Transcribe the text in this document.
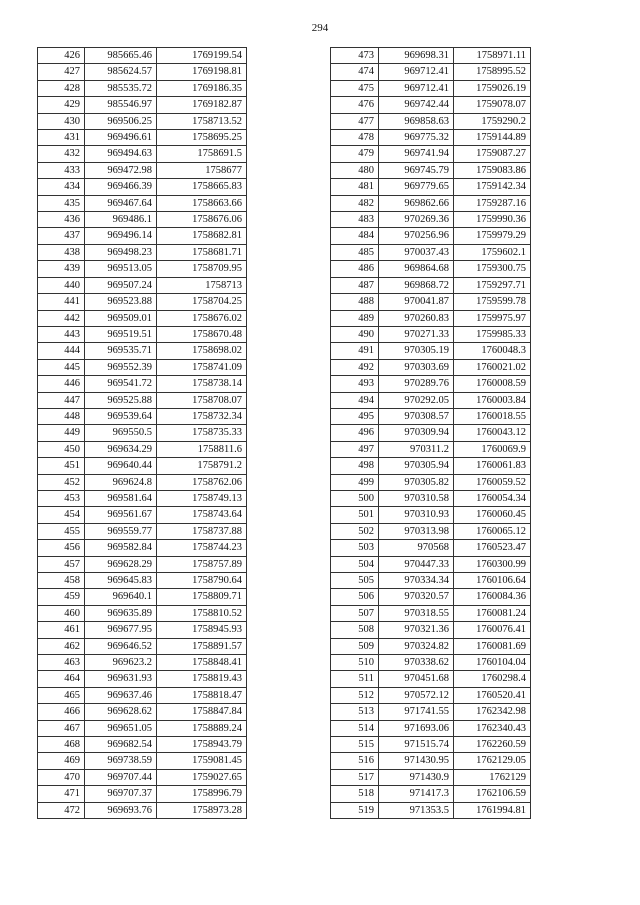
294
426	985665.46	1769199.54
427	985624.57	1769198.81
428	985535.72	1769186.35
429	985546.97	1769182.87
430	969506.25	1758713.52
431	969496.61	1758695.25
432	969494.63	1758691.5
433	969472.98	1758677
434	969466.39	1758665.83
435	969467.64	1758663.66
436	969486.1	1758676.06
437	969496.14	1758682.81
438	969498.23	1758681.71
439	969513.05	1758709.95
440	969507.24	1758713
441	969523.88	1758704.25
442	969509.01	1758676.02
443	969519.51	1758670.48
444	969535.71	1758698.02
445	969552.39	1758741.09
446	969541.72	1758738.14
447	969525.88	1758708.07
448	969539.64	1758732.34
449	969550.5	1758735.33
450	969634.29	1758811.6
451	969640.44	1758791.2
452	969624.8	1758762.06
453	969581.64	1758749.13
454	969561.67	1758743.64
455	969559.77	1758737.88
456	969582.84	1758744.23
457	969628.29	1758757.89
458	969645.83	1758790.64
459	969640.1	1758809.71
460	969635.89	1758810.52
461	969677.95	1758945.93
462	969646.52	1758891.57
463	969623.2	1758848.41
464	969631.93	1758819.43
465	969637.46	1758818.47
466	969628.62	1758847.84
467	969651.05	1758889.24
468	969682.54	1758943.79
469	969738.59	1759081.45
470	969707.44	1759027.65
471	969707.37	1758996.79
472	969693.76	1758973.28
473	969698.31	1758971.11
474	969712.41	1758995.52
475	969712.41	1759026.19
476	969742.44	1759078.07
477	969858.63	1759290.2
478	969775.32	1759144.89
479	969741.94	1759087.27
480	969745.79	1759083.86
481	969779.65	1759142.34
482	969862.66	1759287.16
483	970269.36	1759990.36
484	970256.96	1759979.29
485	970037.43	1759602.1
486	969864.68	1759300.75
487	969868.72	1759297.71
488	970041.87	1759599.78
489	970260.83	1759975.97
490	970271.33	1759985.33
491	970305.19	1760048.3
492	970303.69	1760021.02
493	970289.76	1760008.59
494	970292.05	1760003.84
495	970308.57	1760018.55
496	970309.94	1760043.12
497	970311.2	1760069.9
498	970305.94	1760061.83
499	970305.82	1760059.52
500	970310.58	1760054.34
501	970310.93	1760060.45
502	970313.98	1760065.12
503	970568	1760523.47
504	970447.33	1760300.99
505	970334.34	1760106.64
506	970320.57	1760084.36
507	970318.55	1760081.24
508	970321.36	1760076.41
509	970324.82	1760081.69
510	970338.62	1760104.04
511	970451.68	1760298.4
512	970572.12	1760520.41
513	971741.55	1762342.98
514	971693.06	1762340.43
515	971515.74	1762260.59
516	971430.95	1762129.05
517	971430.9	1762129
518	971417.3	1762106.59
519	971353.5	1761994.81
